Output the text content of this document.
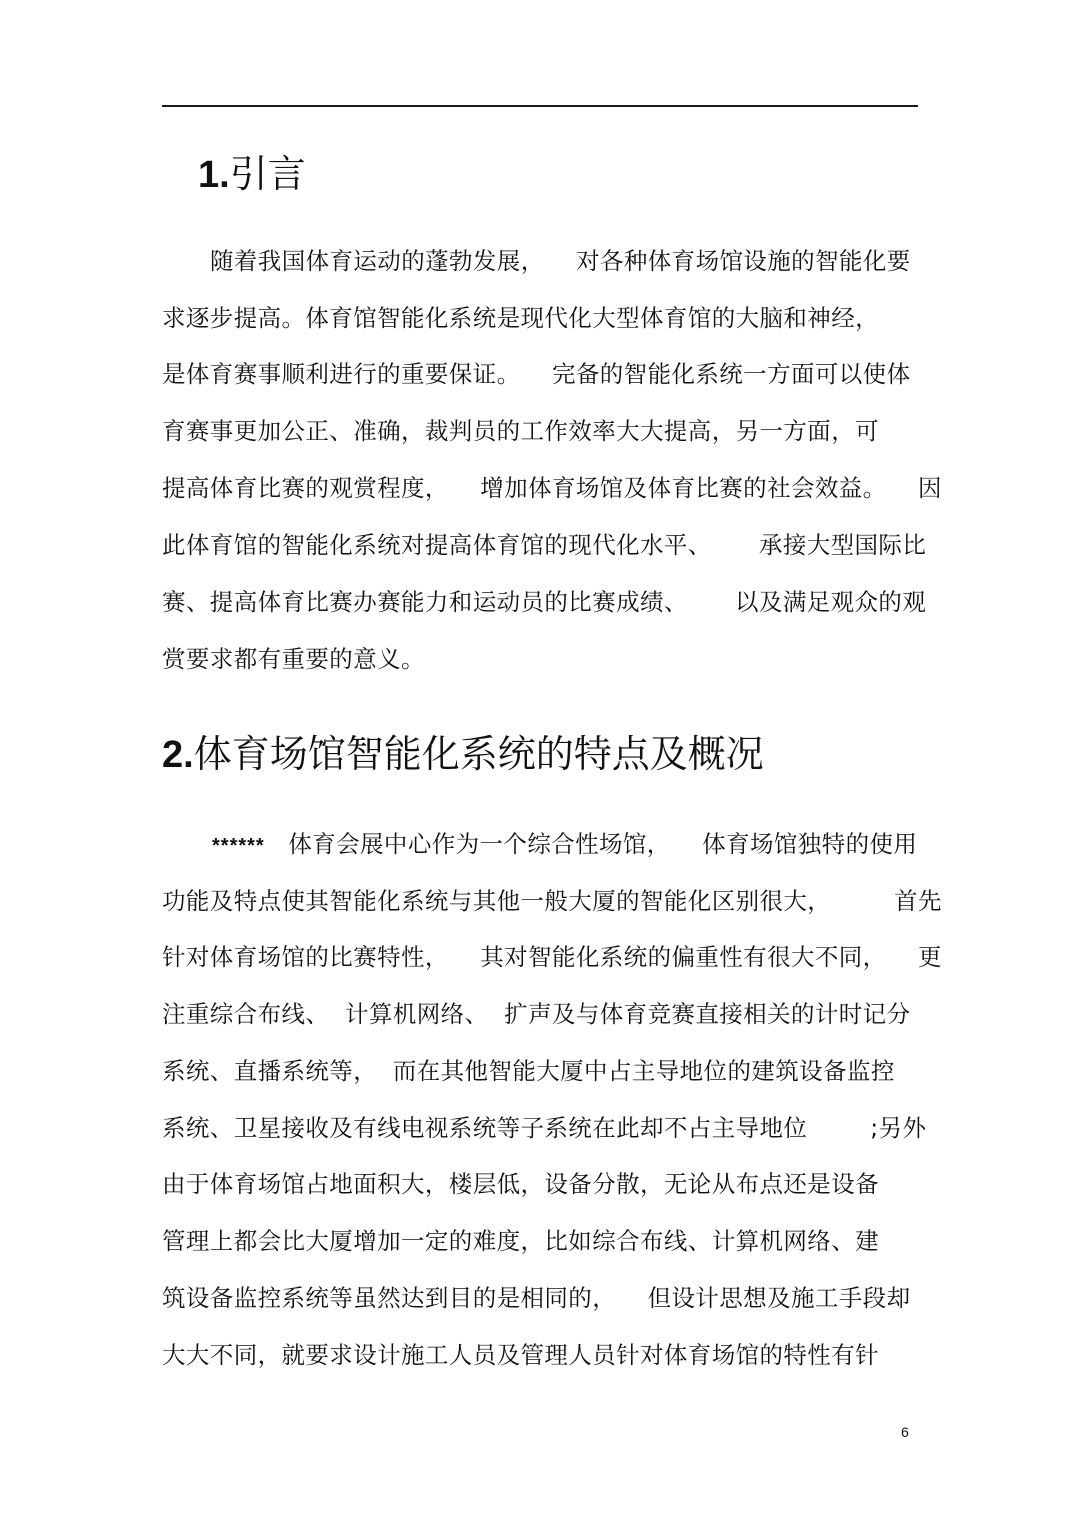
1.引言
随着我国体育运动的蓬勃发展，    对各种体育场馆设施的智能化要
求逐步提高。体育馆智能化系统是现代化大型体育馆的大脑和神经，
是体育赛事顺利进行的重要保证。    完备的智能化系统一方面可以使体
育赛事更加公正、准确，裁判员的工作效率大大提高，另一方面，可
提高体育比赛的观赏程度，    增加体育场馆及体育比赛的社会效益。    因
此体育馆的智能化系统对提高体育馆的现代化水平、      承接大型国际比
赛、提高体育比赛办赛能力和运动员的比赛成绩、      以及满足观众的观
赏要求都有重要的意义。
2.体育场馆智能化系统的特点及概况
******   体育会展中心作为一个综合性场馆，    体育场馆独特的使用
功能及特点使其智能化系统与其他一般大厦的智能化区别很大，        首先
针对体育场馆的比赛特性，    其对智能化系统的偏重性有很大不同，    更
注重综合布线、  计算机网络、  扩声及与体育竞赛直接相关的计时记分
系统、直播系统等，  而在其他智能大厦中占主导地位的建筑设备监控
系统、卫星接收及有线电视系统等子系统在此却不占主导地位        ;另外
由于体育场馆占地面积大，楼层低，设备分散，无论从布点还是设备
管理上都会比大厦增加一定的难度，比如综合布线、计算机网络、建
筑设备监控系统等虽然达到目的是相同的，    但设计思想及施工手段却
大大不同，就要求设计施工人员及管理人员针对体育场馆的特性有针
6
